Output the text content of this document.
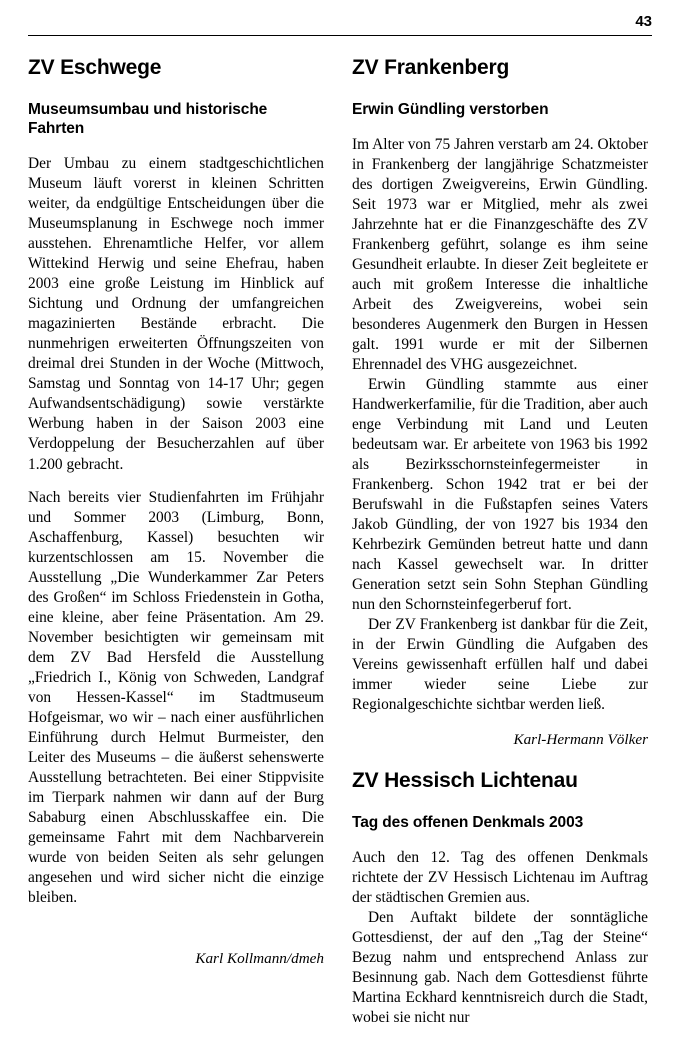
43
ZV Eschwege
Museumsumbau und historische Fahrten

Der Umbau zu einem stadtgeschichtlichen Museum läuft vorerst in kleinen Schritten weiter, da endgültige Entscheidungen über die Museumsplanung in Eschwege noch immer ausstehen. Ehrenamtliche Helfer, vor allem Wittekind Herwig und seine Ehefrau, haben 2003 eine große Leistung im Hinblick auf Sichtung und Ordnung der umfangreichen magazinierten Bestände erbracht. Die nunmehrigen erweiterten Öffnungszeiten von dreimal drei Stunden in der Woche (Mittwoch, Samstag und Sonntag von 14-17 Uhr; gegen Aufwandsentschädigung) sowie verstärkte Werbung haben in der Saison 2003 eine Verdoppelung der Besucherzahlen auf über 1.200 gebracht.

Nach bereits vier Studienfahrten im Frühjahr und Sommer 2003 (Limburg, Bonn, Aschaffenburg, Kassel) besuchten wir kurzentschlossen am 15. November die Ausstellung „Die Wunderkammer Zar Peters des Großen“ im Schloss Friedenstein in Gotha, eine kleine, aber feine Präsentation. Am 29. November besichtigten wir gemeinsam mit dem ZV Bad Hersfeld die Ausstellung „Friedrich I., König von Schweden, Landgraf von Hessen-Kassel“ im Stadtmuseum Hofgeismar, wo wir – nach einer ausführlichen Einführung durch Helmut Burmeister, den Leiter des Museums – die äußerst sehenswerte Ausstellung betrachteten. Bei einer Stippvisite im Tierpark nahmen wir dann auf der Burg Sababurg einen Abschlusskaffee ein. Die gemeinsame Fahrt mit dem Nachbarverein wurde von beiden Seiten als sehr gelungen angesehen und wird sicher nicht die einzige bleiben.

Karl Kollmann/dmeh

ZV Frankenberg
Erwin Gündling verstorben

Im Alter von 75 Jahren verstarb am 24. Oktober in Frankenberg der langjährige Schatzmeister des dortigen Zweigvereins, Erwin Gündling. Seit 1973 war er Mitglied, mehr als zwei Jahrzehnte hat er die Finanzgeschäfte des ZV Frankenberg geführt, solange es ihm seine Gesundheit erlaubte. In dieser Zeit begleitete er auch mit großem Interesse die inhaltliche Arbeit des Zweigvereins, wobei sein besonderes Augenmerk den Burgen in Hessen galt. 1991 wurde er mit der Silbernen Ehrennadel des VHG ausgezeichnet.

Erwin Gündling stammte aus einer Handwerkerfamilie, für die Tradition, aber auch enge Verbindung mit Land und Leuten bedeutsam war. Er arbeitete von 1963 bis 1992 als Bezirksschornsteinfegermeister in Frankenberg. Schon 1942 trat er bei der Berufswahl in die Fußstapfen seines Vaters Jakob Gündling, der von 1927 bis 1934 den Kehrbezirk Gemünden betreut hatte und dann nach Kassel gewechselt war. In dritter Generation setzt sein Sohn Stephan Gündling nun den Schornsteinfegerberuf fort.

Der ZV Frankenberg ist dankbar für die Zeit, in der Erwin Gündling die Aufgaben des Vereins gewissenhaft erfüllen half und dabei immer wieder seine Liebe zur Regionalgeschichte sichtbar werden ließ.

Karl-Hermann Völker

ZV Hessisch Lichtenau
Tag des offenen Denkmals 2003

Auch den 12. Tag des offenen Denkmals richtete der ZV Hessisch Lichtenau im Auftrag der städtischen Gremien aus.

Den Auftakt bildete der sonntägliche Gottesdienst, der auf den „Tag der Steine“ Bezug nahm und entsprechend Anlass zur Besinnung gab. Nach dem Gottesdienst führte Martina Eckhard kenntnisreich durch die Stadt, wobei sie nicht nur
